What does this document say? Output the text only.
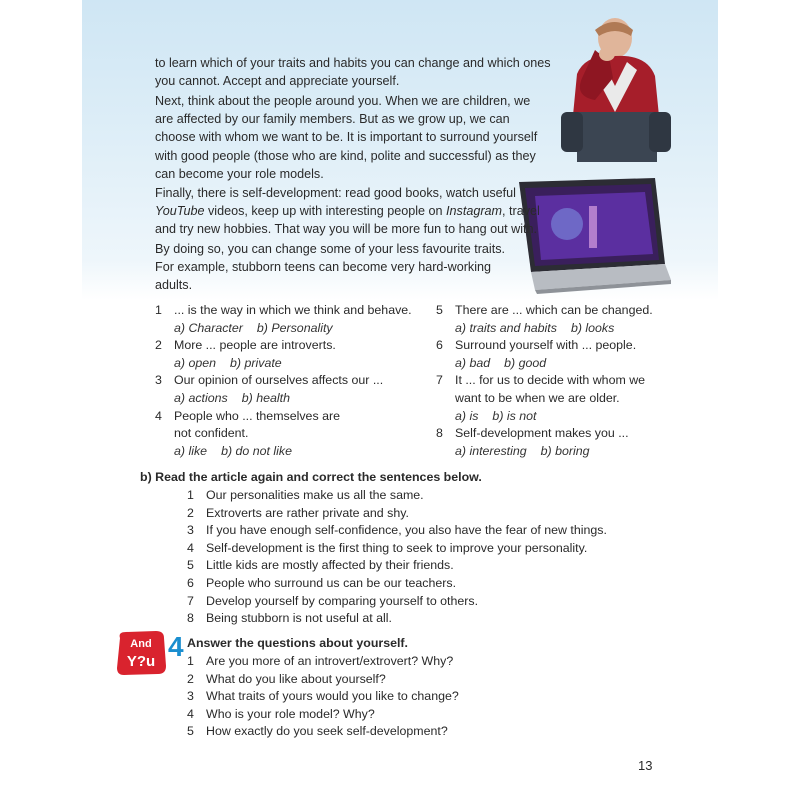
to learn which of your traits and habits you can change and which ones you cannot. Accept and appreciate yourself.

Next, think about the people around you. When we are children, we are affected by our family members. But as we grow up, we can choose with whom we want to be. It is important to surround yourself with good people (those who are kind, polite and successful) as they can become your role models.

Finally, there is self-development: read good books, watch useful YouTube videos, keep up with interesting people on Instagram, travel and try new hobbies. That way you will be more fun to hang out with.

By doing so, you can change some of your less favourite traits. For example, stubborn teens can become very hard-working adults.

1 ... is the way in which we think and behave.
a) Character b) Personality
2 More ... people are introverts.
a) open b) private
3 Our opinion of ourselves affects our ...
a) actions b) health
4 People who ... themselves are not confident.
a) like b) do not like
5 There are ... which can be changed.
a) traits and habits b) looks
6 Surround yourself with ... people.
a) bad b) good
7 It ... for us to decide with whom we want to be when we are older.
a) is b) is not
8 Self-development makes you ...
a) interesting b) boring
b) Read the article again and correct the sentences below.
1 Our personalities make us all the same.
2 Extroverts are rather private and shy.
3 If you have enough self-confidence, you also have the fear of new things.
4 Self-development is the first thing to seek to improve your personality.
5 Little kids are mostly affected by their friends.
6 People who surround us can be our teachers.
7 Develop yourself by comparing yourself to others.
8 Being stubborn is not useful at all.
And
Y?u 4 Answer the questions about yourself.
1 Are you more of an introvert/extrovert? Why?
2 What do you like about yourself?
3 What traits of yours would you like to change?
4 Who is your role model? Why?
5 How exactly do you seek self-development?
13
